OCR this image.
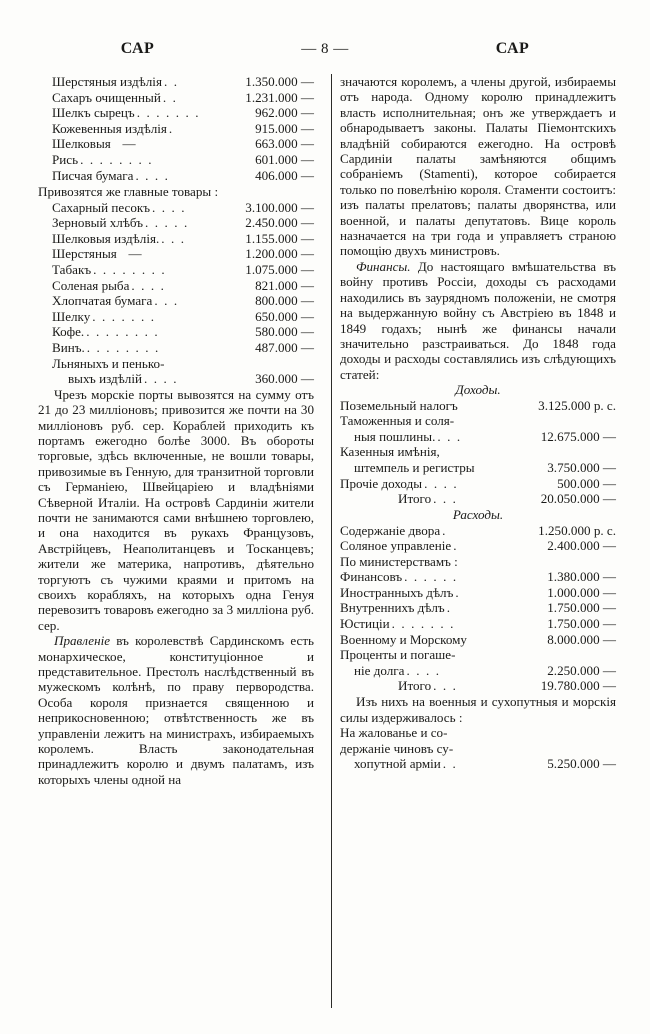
САР	— 8 —	САР
Шерстяныя издѣлія . .	1.350.000 —
Сахаръ очищенный . .	1.231.000 —
Шелкъ сырецъ . . . . . . .	962.000 —
Кожевенныя издѣлія .	915.000 —
Шелковыя —	663.000 —
Рись . . . . . . . .	601.000 —
Писчая бумага . . . .	406.000 —

Привозятся же главные товары :

Сахарный песокъ . . . .	3.100.000 —
Зерновый хлѣбъ . . . . .	2.450.000 —
Шелковыя издѣлія. . . .	1.155.000 —
Шерстяныя —	1.200.000 —
Табакъ . . . . . . . .	1.075.000 —
Соленая рыба . . . .	821.000 —
Хлопчатая бумага . . .	800.000 —
Шелку . . . . . . .	650.000 —
Кофе. . . . . . . . .	580.000 —
Винъ. . . . . . . . .	487.000 —
Льняныхъ и пенько-
выхъ издѣлій . . . .	360.000 —

Чрезъ морскіе порты вывозятся на сумму отъ 21 до 23 милліоновъ; привозится же почти на 30 милліоновъ руб. сер. Кораблей приходить къ портамъ ежегодно болѣе 3000. Въ обороты торговые, здѣсь включенные, не вошли товары, привозимые въ Генную, для транзитной торговли съ Германіею, Швейцаріею и владѣніями Сѣверной Италіи. На островѣ Сардиніи жители почти не занимаются сами внѣшнею торговлею, и она находится въ рукахъ Французовъ, Австрійцевъ, Неаполитанцевъ и Тосканцевъ; жители же материка, напротивъ, дѣятельно торгуютъ съ чужими краями и притомъ на своихъ корабляхъ, на которыхъ одна Генуя перевозитъ товаровъ ежегодно за 3 милліона руб. сер.

Правленіе въ королевствѣ Сардинскомъ есть монархическое, конституціонное и представительное. Престолъ наслѣдственный въ мужескомъ колѣнѣ, по праву первородства. Особа короля признается священною и неприкосновенною; отвѣтственность же въ управленіи лежитъ на министрахъ, избираемыхъ королемъ. Власть законодательная принадлежитъ королю и двумъ палатамъ, изъ которыхъ члены одной на

значаются королемъ, а члены другой, избираемы отъ народа. Одному королю принадлежитъ власть исполнительная; онъ же утверждаетъ и обнародываетъ законы. Палаты Піемонтскихъ владѣній собираются ежегодно. На островѣ Сардиніи палаты замѣняются общимъ собраніемъ (Stamenti), которое собирается только по повелѣнію короля. Стаменти состоитъ: изъ палаты прелатовъ; палаты дворянства, или военной, и палаты депутатовъ. Вице король назначается на три года и управляетъ страною помощію двухъ министровъ.

Финансы. До настоящаго вмѣшательства въ войну противъ Россіи, доходы съ расходами находились въ заурядномъ положеніи, не смотря на выдержанную войну съ Австріею въ 1848 и 1849 годахъ; нынѣ же финансы начали значительно разстраиваться. До 1848 года доходы и расходы составлялись изъ слѣдующихъ статей:

Доходы.

Поземельный налогъ	3.125.000 р. с.
Таможенныя и соля-
ныя пошлины. . . .	12.675.000 —
Казенныя имѣнія,
штемпель и регистры	3.750.000 —
Прочіе доходы . . . .	500.000 —
Итого . . .	20.050.000 —

Расходы.

Содержаніе двора .	1.250.000 р. с.
Соляное управленіе .	2.400.000 —
По министерствамъ :
Финансовъ . . . . . .	1.380.000 —
Иностранныхъ дѣлъ .	1.000.000 —
Внутреннихъ дѣлъ .	1.750.000 —
Юстиціи . . . . . . .	1.750.000 —
Военному и Морскому	8.000.000 —
Проценты и погаше-
ніе долга . . . .	2.250.000 —
Итого . . .	19.780.000 —

Изъ нихъ на военныя и сухопутныя и морскія силы издерживалось :

На жалованье и со-
держаніе чиновъ су-
хопутной арміи . .	5.250.000 —
